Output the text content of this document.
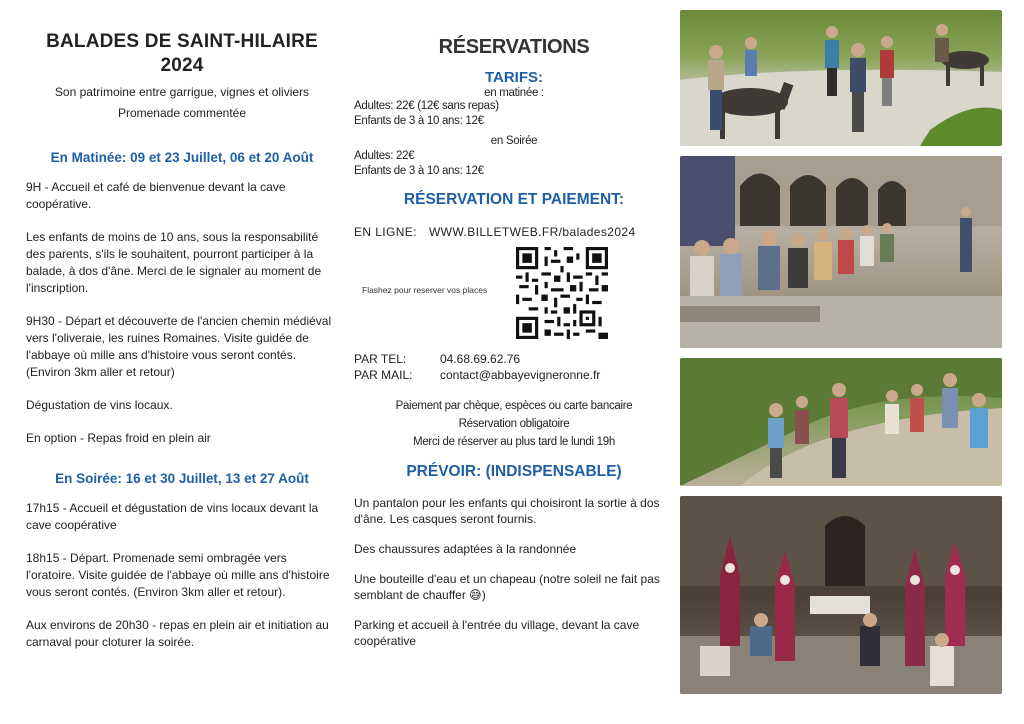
BALADES DE SAINT-HILAIRE
2024
Son patrimoine entre garrigue, vignes et oliviers
Promenade commentée
En Matinée: 09 et 23 Juillet, 06 et 20 Août
9H - Accueil et café de bienvenue devant la cave coopérative.
Les enfants de moins de 10 ans, sous la responsabilité des parents, s'ils le souhaitent, pourront participer à la balade, à dos d'âne. Merci de le signaler au moment de l'inscription.
9H30 - Départ et découverte de l'ancien chemin médiéval vers l'oliveraie, les ruines Romaines. Visite guidée de l'abbaye où mille ans d'histoire vous seront contés. (Environ 3km aller et retour)
Dégustation de vins locaux.
En option - Repas froid en plein air
En Soirée: 16 et 30 Juillet, 13 et 27 Août
17h15 - Accueil et dégustation de vins locaux devant la cave coopérative
18h15 - Départ. Promenade semi ombragée vers l'oratoire. Visite guidée de l'abbaye où mille ans d'histoire vous seront contés. (Environ 3km aller et retour).
Aux environs de 20h30 - repas en plein air et initiation au carnaval pour cloturer la soirée.
RÉSERVATIONS
TARIFS:
en matinée :
Adultes: 22€ (12€ sans repas)
Enfants de 3 à 10 ans: 12€
en Soirée
Adultes: 22€
Enfants de 3 à 10 ans: 12€
RÉSERVATION ET PAIEMENT:
EN LIGNE: WWW.BILLETWEB.FR/balades2024
Flashez pour reserver vos places
PAR TEL:	04.68.69.62.76
PAR MAIL: contact@abbayevigneronne.fr
Paiement par chèque, espèces ou carte bancaire
Réservation obligatoire
Merci de réserver au plus tard le lundi 19h
PRÉVOIR: (INDISPENSABLE)
Un pantalon pour les enfants qui choisiront la sortie à dos d'âne. Les casques seront fournis.
Des chaussures adaptées à la randonnée
Une bouteille d'eau et un chapeau (notre soleil ne fait pas semblant de chauffer 😅)
Parking et accueil à l'entrée du village, devant la cave coopérative
